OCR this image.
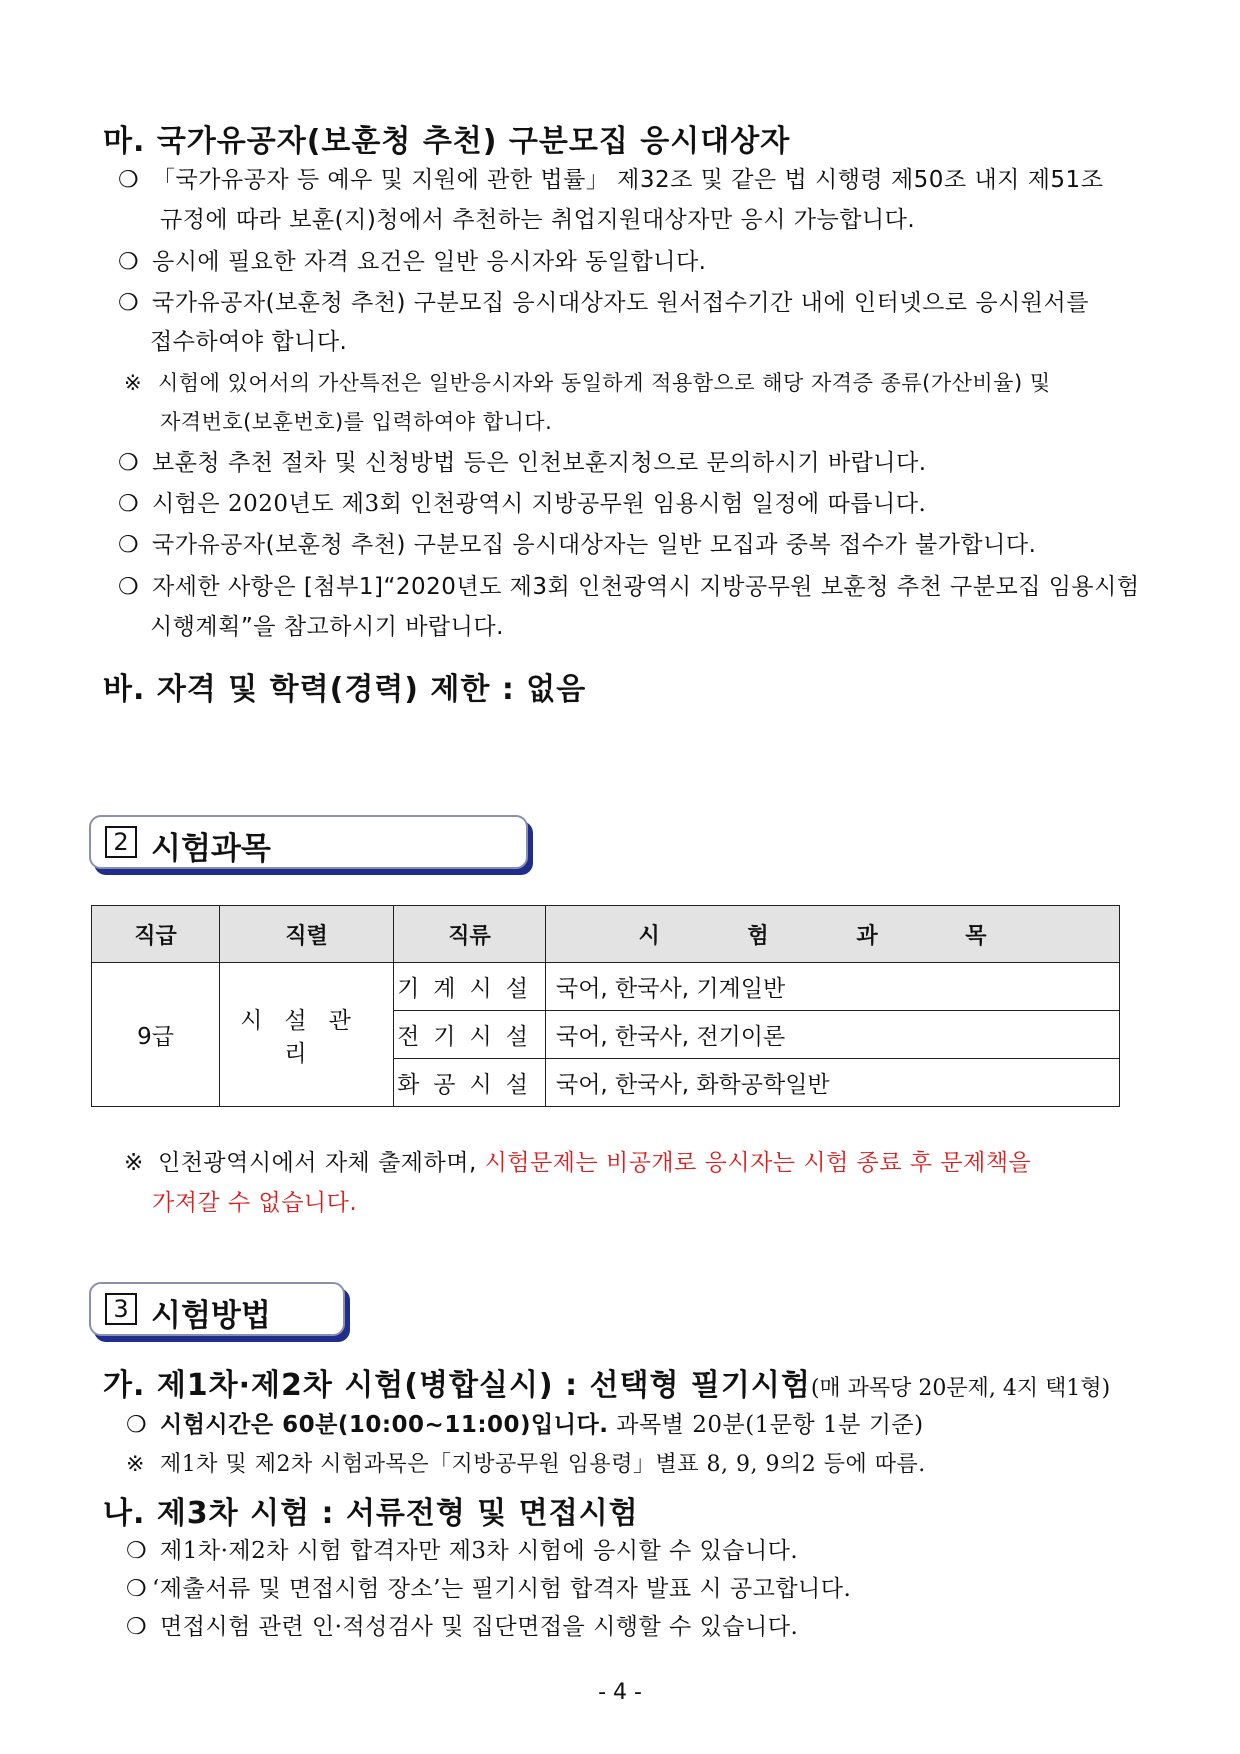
마. 국가유공자(보훈청 추천) 구분모집 응시대상자
❍ 「국가유공자 등 예우 및 지원에 관한 법률」 제32조 및 같은 법 시행령 제50조 내지 제51조
규정에 따라 보훈(지)청에서 추천하는 취업지원대상자만 응시 가능합니다.
❍ 응시에 필요한 자격 요건은 일반 응시자와 동일합니다.
❍ 국가유공자(보훈청 추천) 구분모집 응시대상자도 원서접수기간 내에 인터넷으로 응시원서를
접수하여야 합니다.
※ 시험에 있어서의 가산특전은 일반응시자와 동일하게 적용함으로 해당 자격증 종류(가산비율) 및
자격번호(보훈번호)를 입력하여야 합니다.
❍ 보훈청 추천 절차 및 신청방법 등은 인천보훈지청으로 문의하시기 바랍니다.
❍ 시험은 2020년도 제3회 인천광역시 지방공무원 임용시험 일정에 따릅니다.
❍ 국가유공자(보훈청 추천) 구분모집 응시대상자는 일반 모집과 중복 접수가 불가합니다.
❍ 자세한 사항은 [첨부1]“2020년도 제3회 인천광역시 지방공무원 보훈청 추천 구분모집 임용시험
시행계획”을 참고하시기 바랍니다.
바. 자격 및 학력(경력) 제한 : 없음
2 시험과목
직급	직렬	직류	시 험 과 목
9급	시설관리	기계시설	국어, 한국사, 기계일반
		전기시설	국어, 한국사, 전기이론
		화공시설	국어, 한국사, 화학공학일반
※ 인천광역시에서 자체 출제하며, 시험문제는 비공개로 응시자는 시험 종료 후 문제책을
가져갈 수 없습니다.
3 시험방법
가. 제1차·제2차 시험(병합실시) : 선택형 필기시험(매 과목당 20문제, 4지 택1형)
❍ 시험시간은 60분(10:00~11:00)입니다. 과목별 20분(1문항 1분 기준)
※ 제1차 및 제2차 시험과목은「지방공무원 임용령」별표 8, 9, 9의2 등에 따름.
나. 제3차 시험 : 서류전형 및 면접시험
❍ 제1차·제2차 시험 합격자만 제3차 시험에 응시할 수 있습니다.
❍ ‘제출서류 및 면접시험 장소’는 필기시험 합격자 발표 시 공고합니다.
❍ 면접시험 관련 인·적성검사 및 집단면접을 시행할 수 있습니다.
- 4 -
